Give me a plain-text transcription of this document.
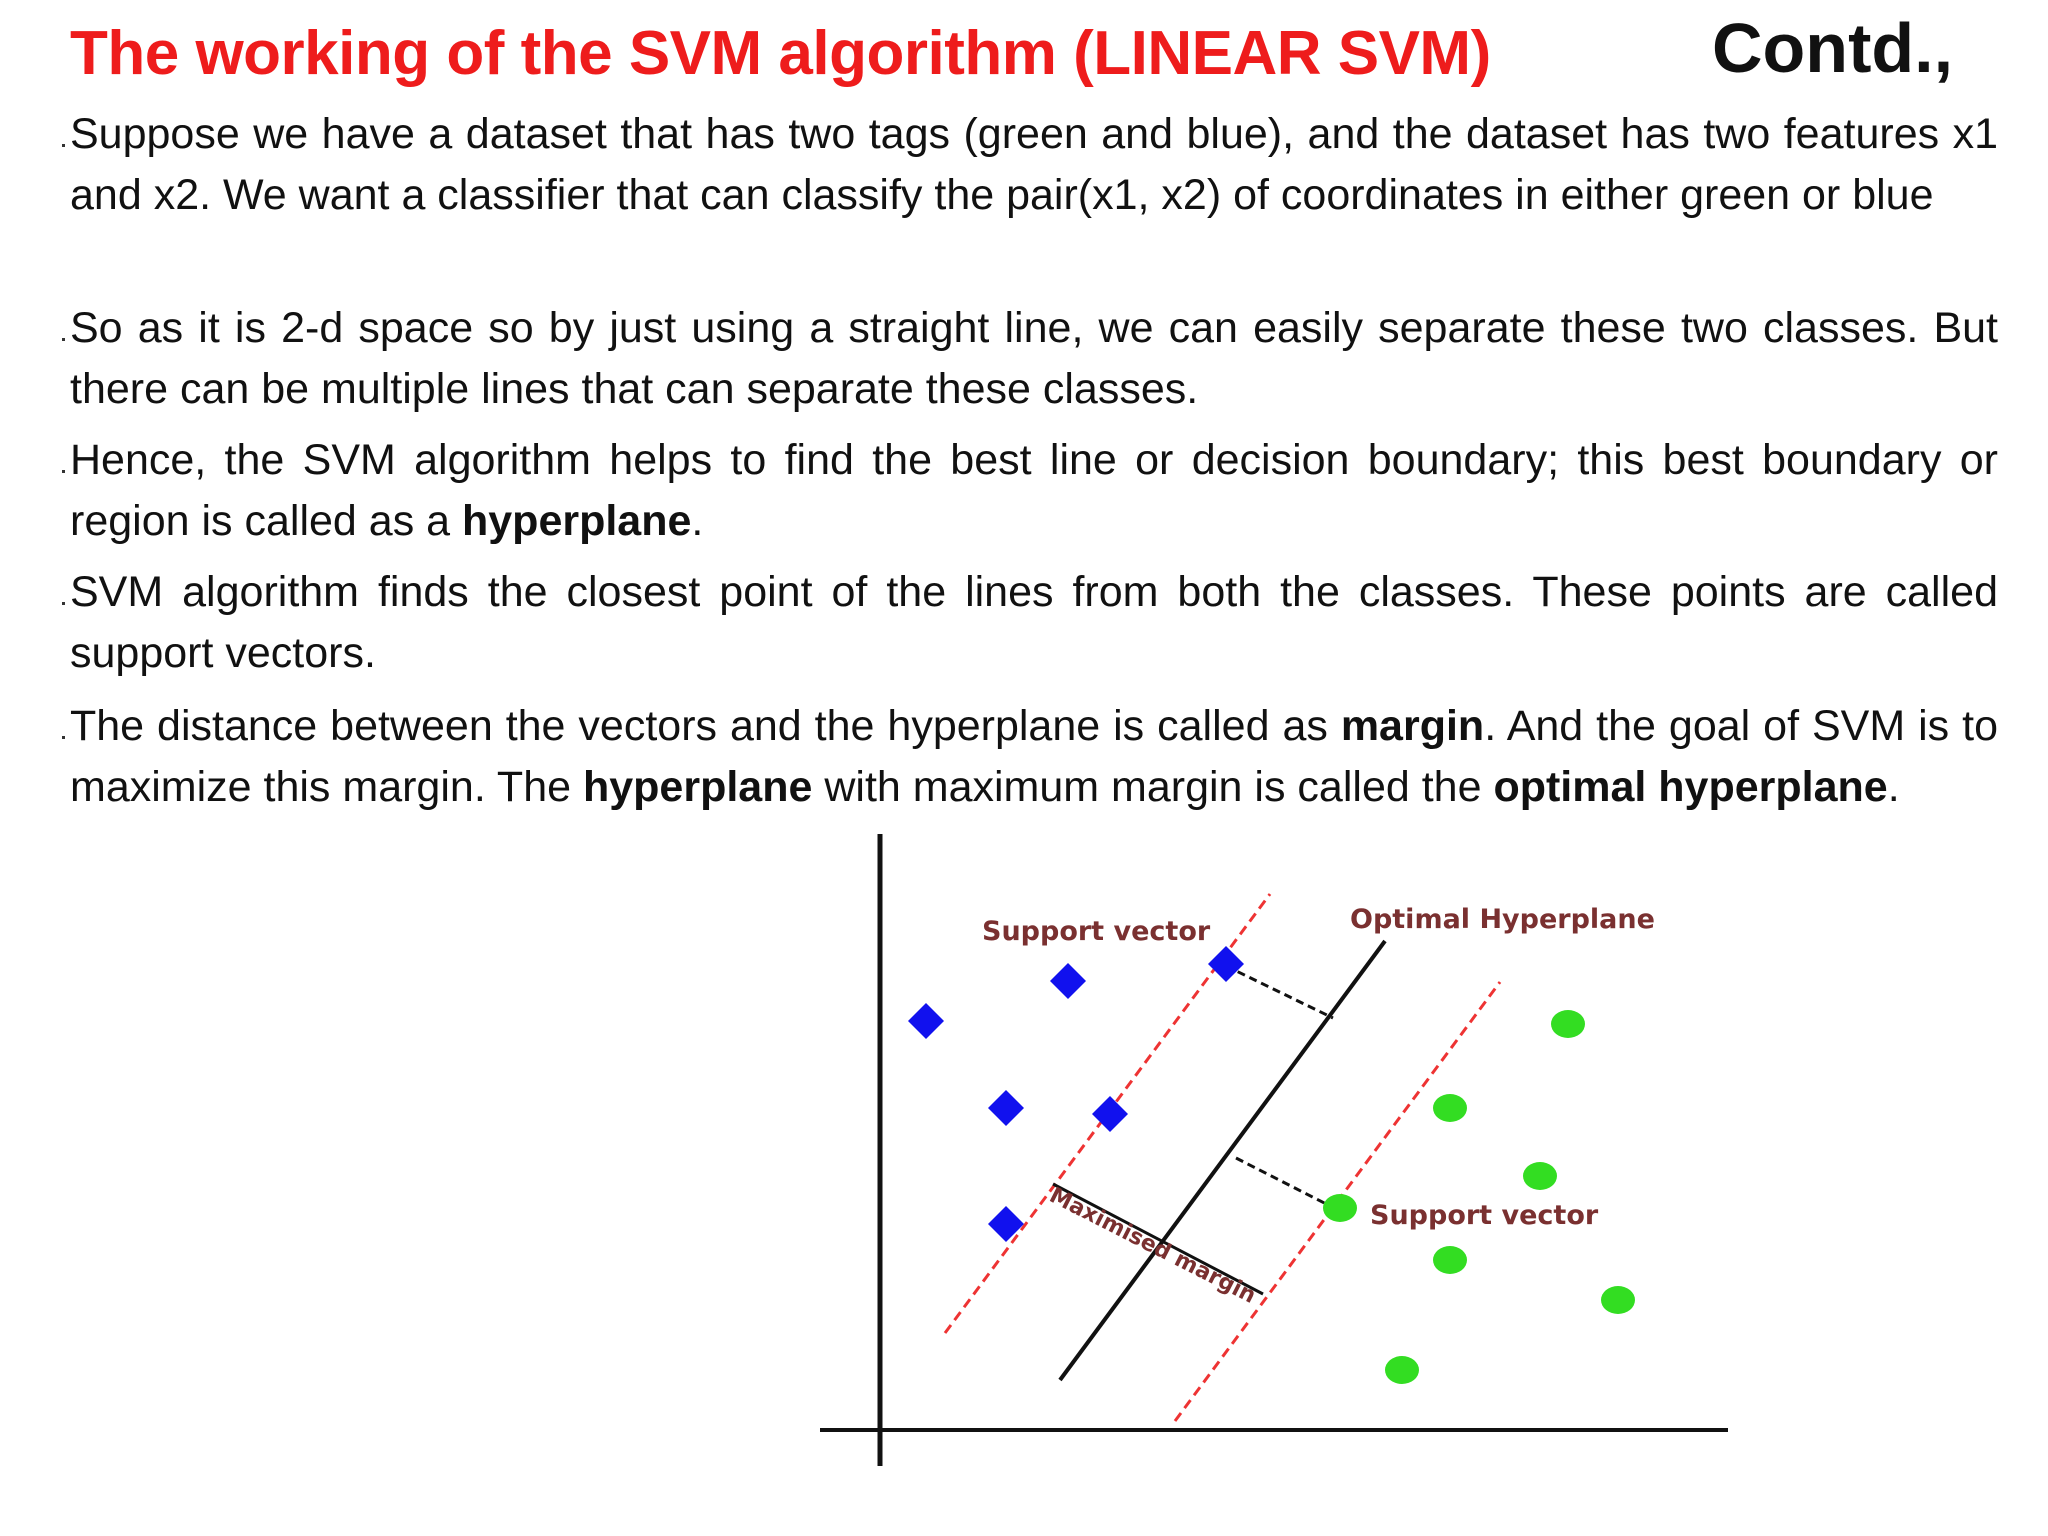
The working of the SVM algorithm (LINEAR SVM)	Contd.,
Suppose we have a dataset that has two tags (green and blue), and the dataset has two features x1 and x2. We want a classifier that can classify the pair(x1, x2) of coordinates in either green or blue
So as it is 2-d space so by just using a straight line, we can easily separate these two classes. But there can be multiple lines that can separate these classes.
Hence, the SVM algorithm helps to find the best line or decision boundary; this best boundary or region is called as a hyperplane.
SVM algorithm finds the closest point of the lines from both the classes. These points are called support vectors.
The distance between the vectors and the hyperplane is called as margin. And the goal of SVM is to maximize this margin. The hyperplane with maximum margin is called the optimal hyperplane.
Support vector	Optimal Hyperplane
Support vector
Maximised margin
